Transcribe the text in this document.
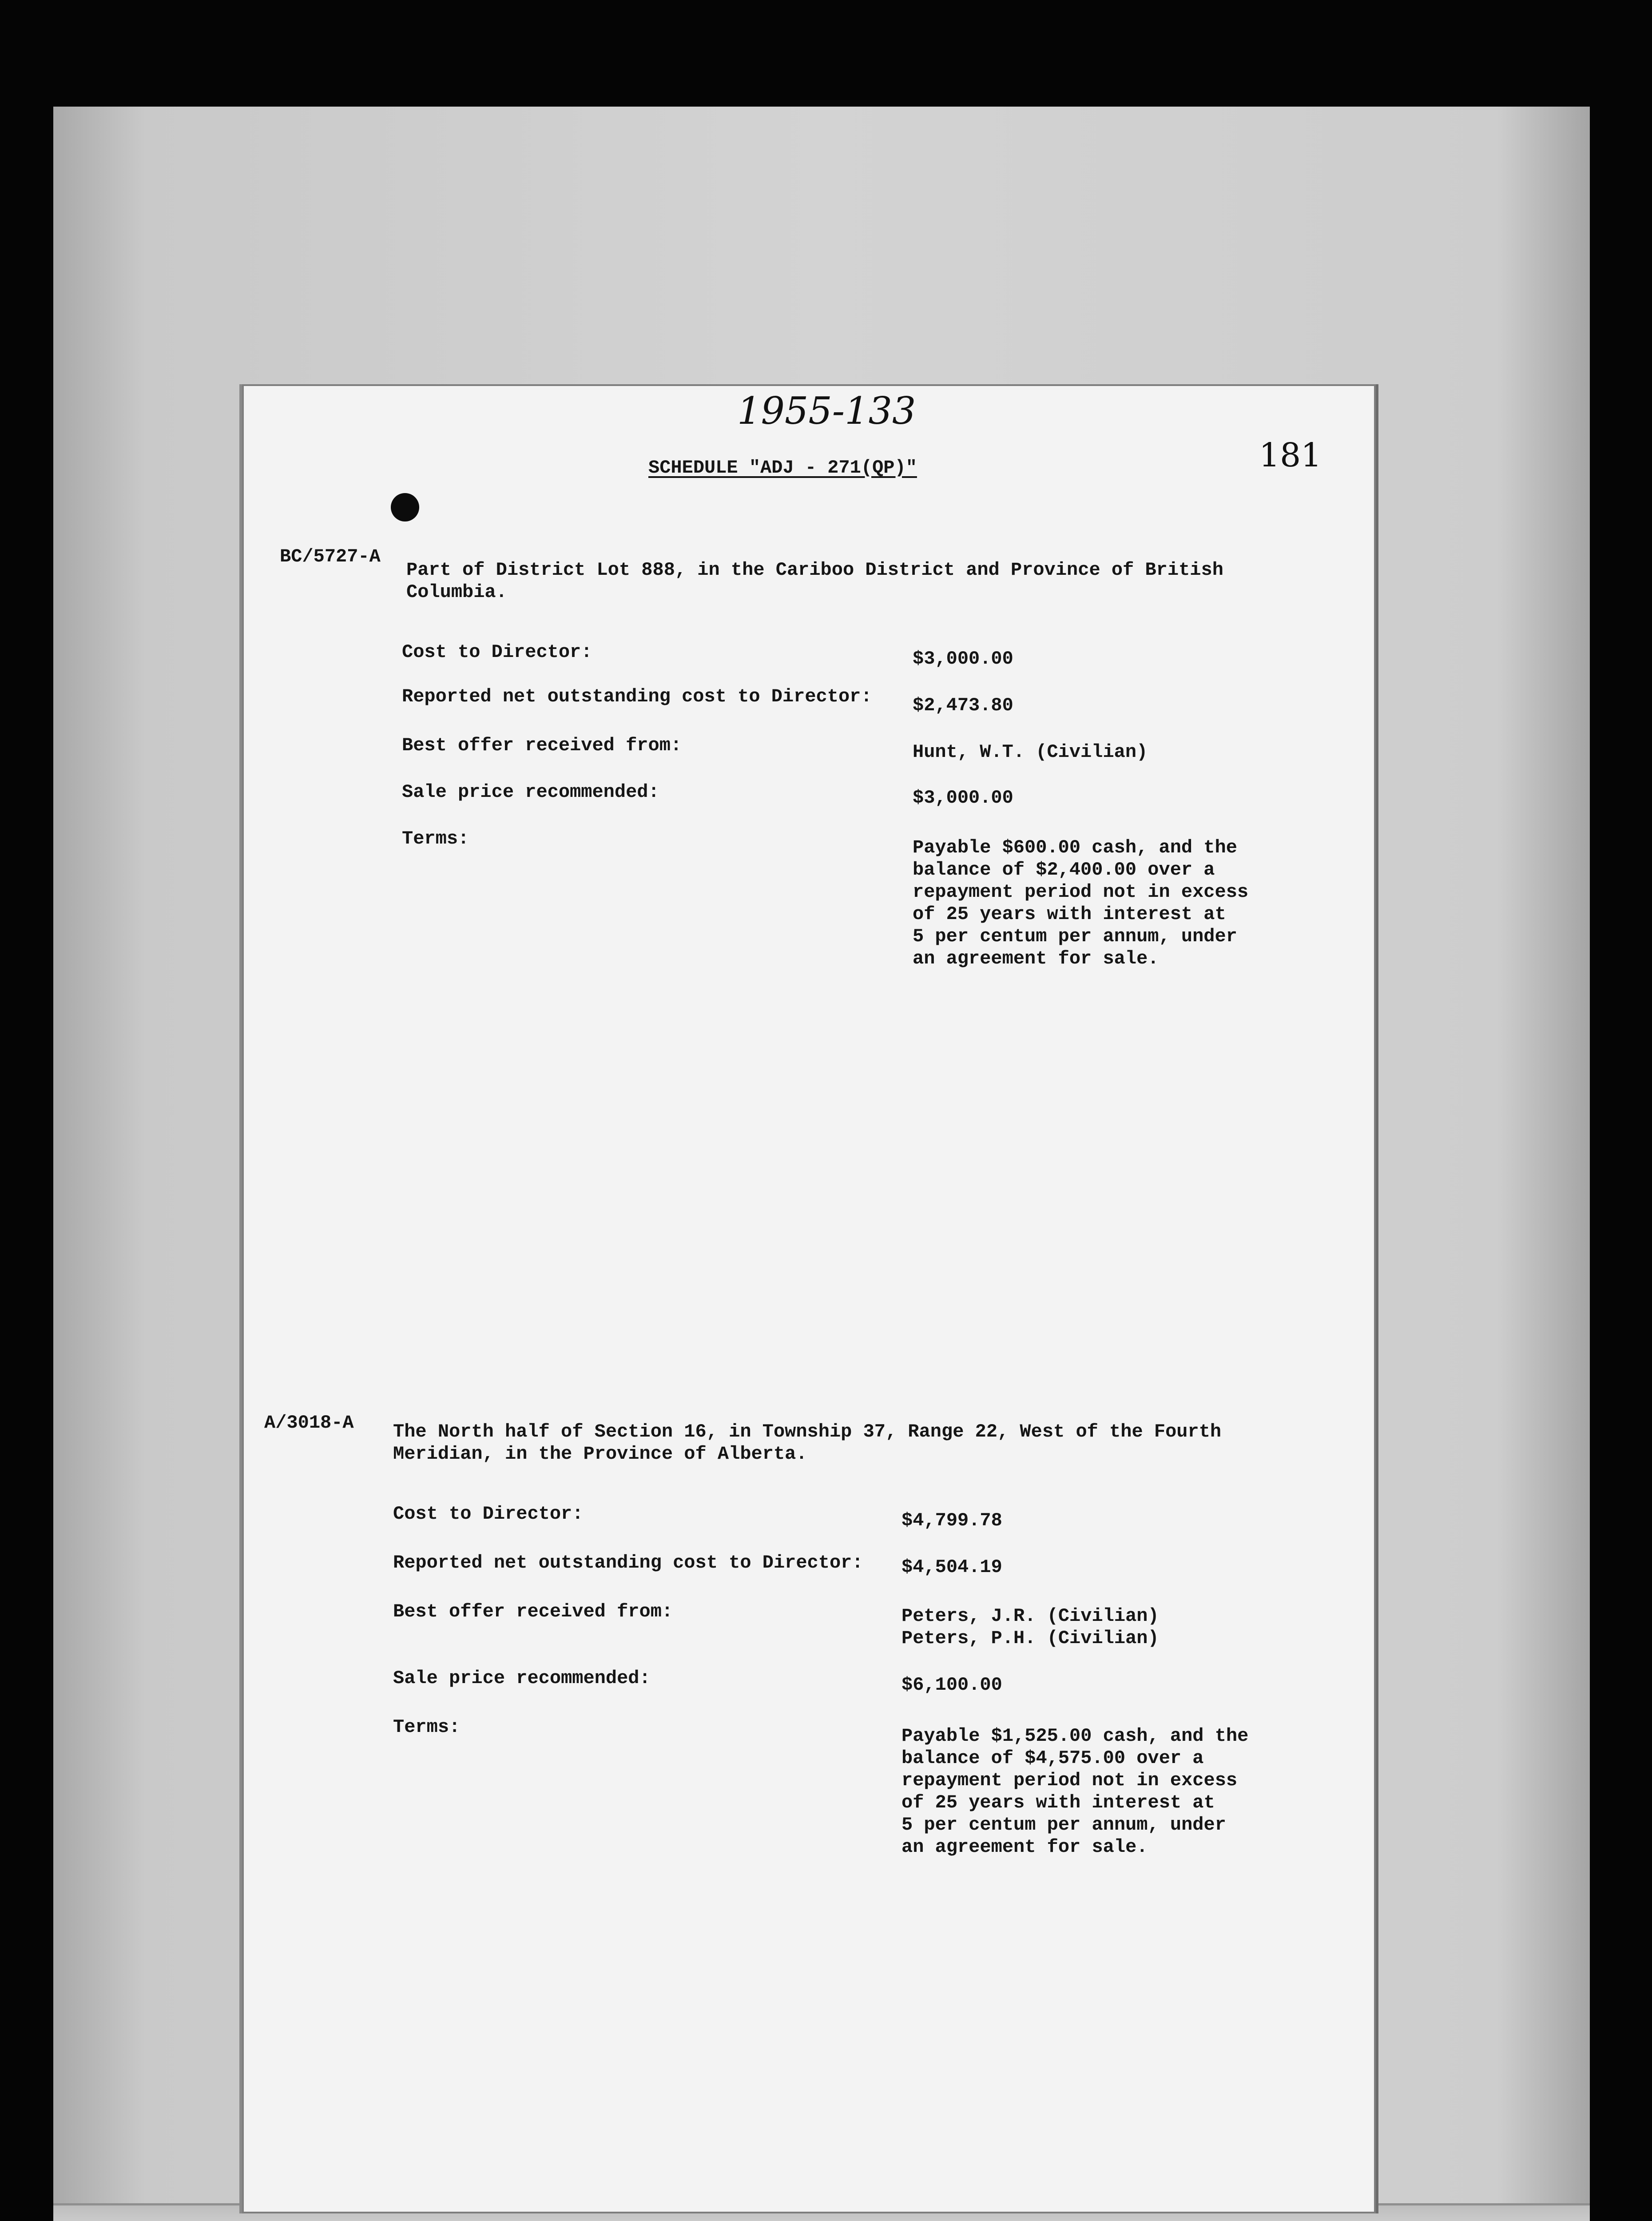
1955-133

181

SCHEDULE "ADJ - 271(QP)"

BC/5727-A

Part of District Lot 888, in the Cariboo District and Province of British

Columbia.

Cost to Director:	$3,000.00

Reported net outstanding cost to Director: $2,473.80

Best offer received from:	Hunt, W.T. (Civilian)

Sale price recommended:	$3,000.00

Terms:	Payable $600.00 cash, and the

balance of $2,400.00 over a

repayment period not in excess

of 25 years with interest at

5 per centum per annum, under

an agreement for sale.

A/3018-A The North half of Section 16, in Township 37, Range 22, West of the Fourth

Meridian, in the Province of Alberta.

Cost to Director:	$4,799.78

Reported net outstanding cost to Director: $4,504.19

Best offer received from:	Peters, J.R. (Civilian)

Peters, P.H. (Civilian)

Sale price recommended:	$6,100.00

Terms:	Payable $1,525.00 cash, and the

balance of $4,575.00 over a

repayment period not in excess

of 25 years with interest at

5 per centum per annum, under

an agreement for sale.
